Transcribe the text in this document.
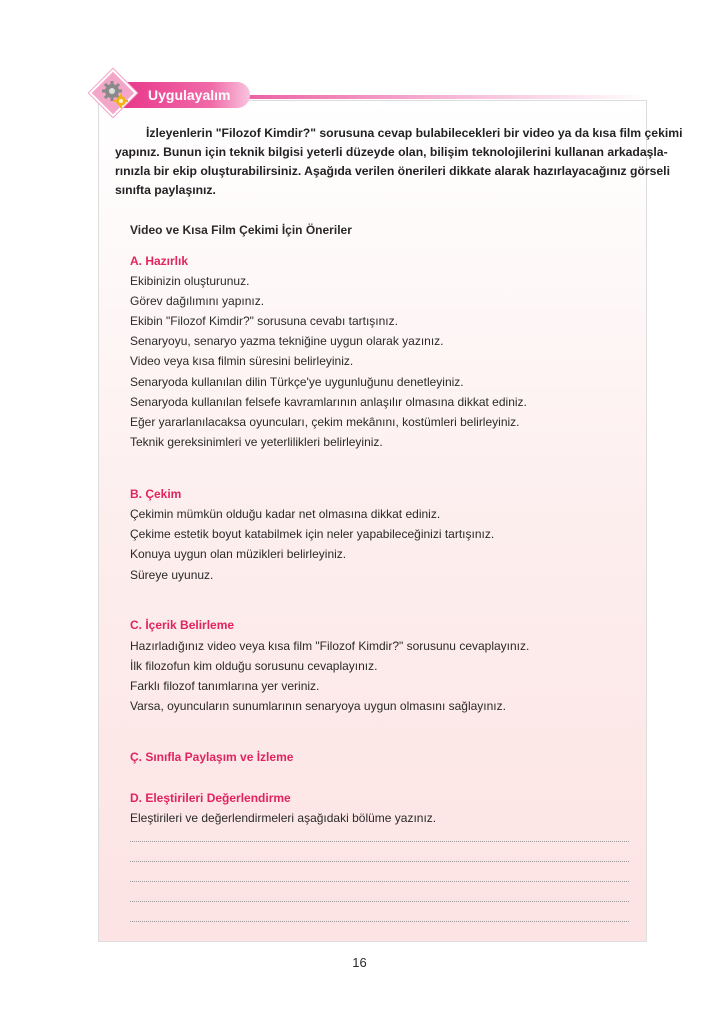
Uygulayalım
İzleyenlerin "Filozof Kimdir?" sorusuna cevap bulabilecekleri bir video ya da kısa film çekimi
yapınız. Bunun için teknik bilgisi yeterli düzeyde olan, bilişim teknolojilerini kullanan arkadaşla-
rınızla bir ekip oluşturabilirsiniz. Aşağıda verilen önerileri dikkate alarak hazırlayacağınız görseli
sınıfta paylaşınız.
Video ve Kısa Film Çekimi İçin Öneriler
A. Hazırlık
Ekibinizin oluşturunuz.
Görev dağılımını yapınız.
Ekibin "Filozof Kimdir?" sorusuna cevabı tartışınız.
Senaryoyu, senaryo yazma tekniğine uygun olarak yazınız.
Video veya kısa filmin süresini belirleyiniz.
Senaryoda kullanılan dilin Türkçe'ye uygunluğunu denetleyiniz.
Senaryoda kullanılan felsefe kavramlarının anlaşılır olmasına dikkat ediniz.
Eğer yararlanılacaksa oyuncuları, çekim mekânını, kostümleri belirleyiniz.
Teknik gereksinimleri ve yeterlilikleri belirleyiniz.
B. Çekim
Çekimin mümkün olduğu kadar net olmasına dikkat ediniz.
Çekime estetik boyut katabilmek için neler yapabileceğinizi tartışınız.
Konuya uygun olan müzikleri belirleyiniz.
Süreye uyunuz.
C. İçerik Belirleme
Hazırladığınız video veya kısa film "Filozof Kimdir?" sorusunu cevaplayınız.
İlk filozofun kim olduğu sorusunu cevaplayınız.
Farklı filozof tanımlarına yer veriniz.
Varsa, oyuncuların sunumlarının senaryoya uygun olmasını sağlayınız.
Ç. Sınıfla Paylaşım ve İzleme
D. Eleştirileri Değerlendirme
Eleştirileri ve değerlendirmeleri aşağıdaki bölüme yazınız.
16
